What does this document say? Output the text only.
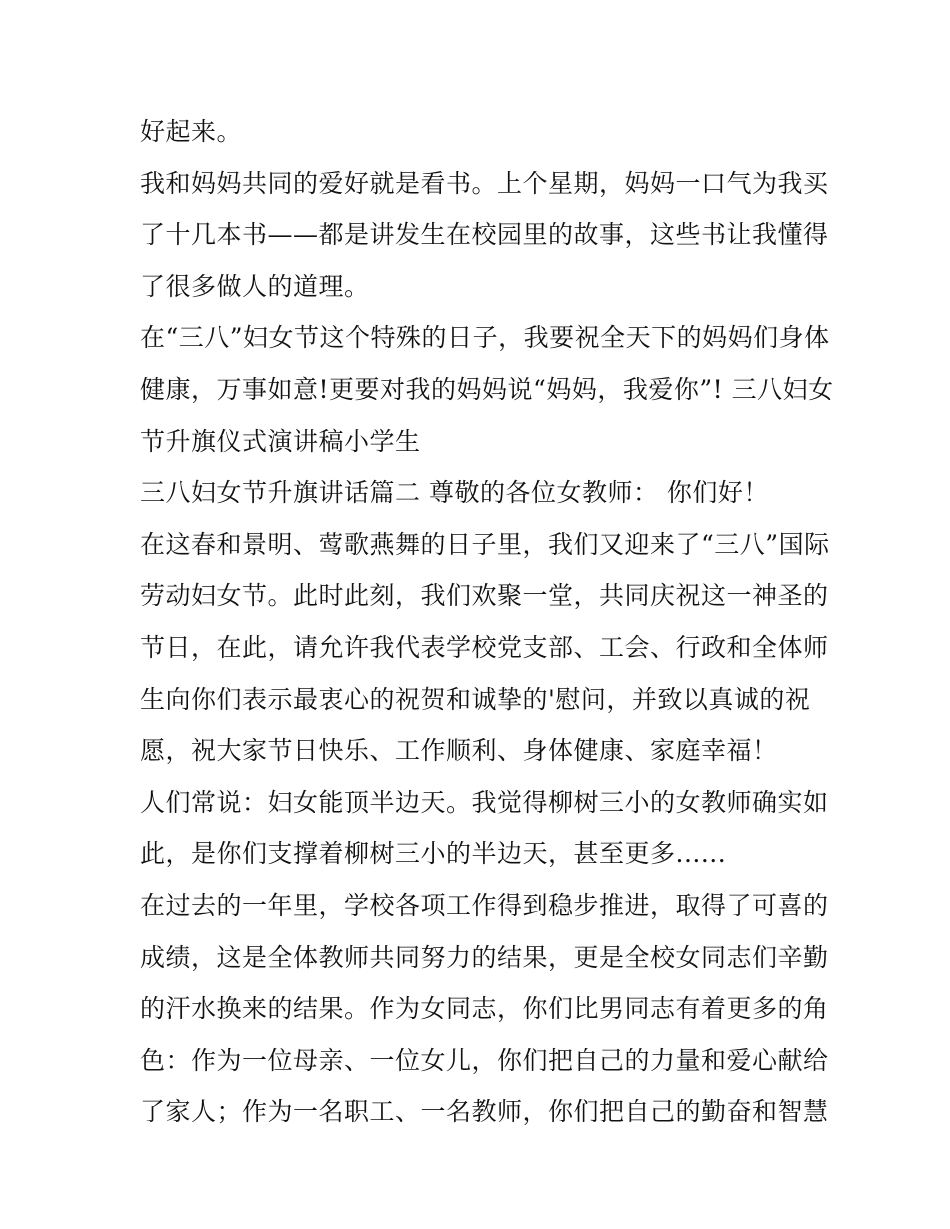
好起来。
我和妈妈共同的爱好就是看书。上个星期，妈妈一口气为我买
了十几本书——都是讲发生在校园里的故事，这些书让我懂得
了很多做人的道理。
在“三八”妇女节这个特殊的日子，我要祝全天下的妈妈们身体
健康，万事如意!更要对我的妈妈说“妈妈，我爱你”! 三八妇女
节升旗仪式演讲稿小学生
三八妇女节升旗讲话篇二 尊敬的各位女教师： 你们好！
在这春和景明、莺歌燕舞的日子里，我们又迎来了“三八”国际
劳动妇女节。此时此刻，我们欢聚一堂，共同庆祝这一神圣的
节日，在此，请允许我代表学校党支部、工会、行政和全体师
生向你们表示最衷心的祝贺和诚挚的'慰问，并致以真诚的祝
愿，祝大家节日快乐、工作顺利、身体健康、家庭幸福！
人们常说：妇女能顶半边天。我觉得柳树三小的女教师确实如
此，是你们支撑着柳树三小的半边天，甚至更多......
在过去的一年里，学校各项工作得到稳步推进，取得了可喜的
成绩，这是全体教师共同努力的结果，更是全校女同志们辛勤
的汗水换来的结果。作为女同志，你们比男同志有着更多的角
色：作为一位母亲、一位女儿，你们把自己的力量和爱心献给
了家人；作为一名职工、一名教师，你们把自己的勤奋和智慧
